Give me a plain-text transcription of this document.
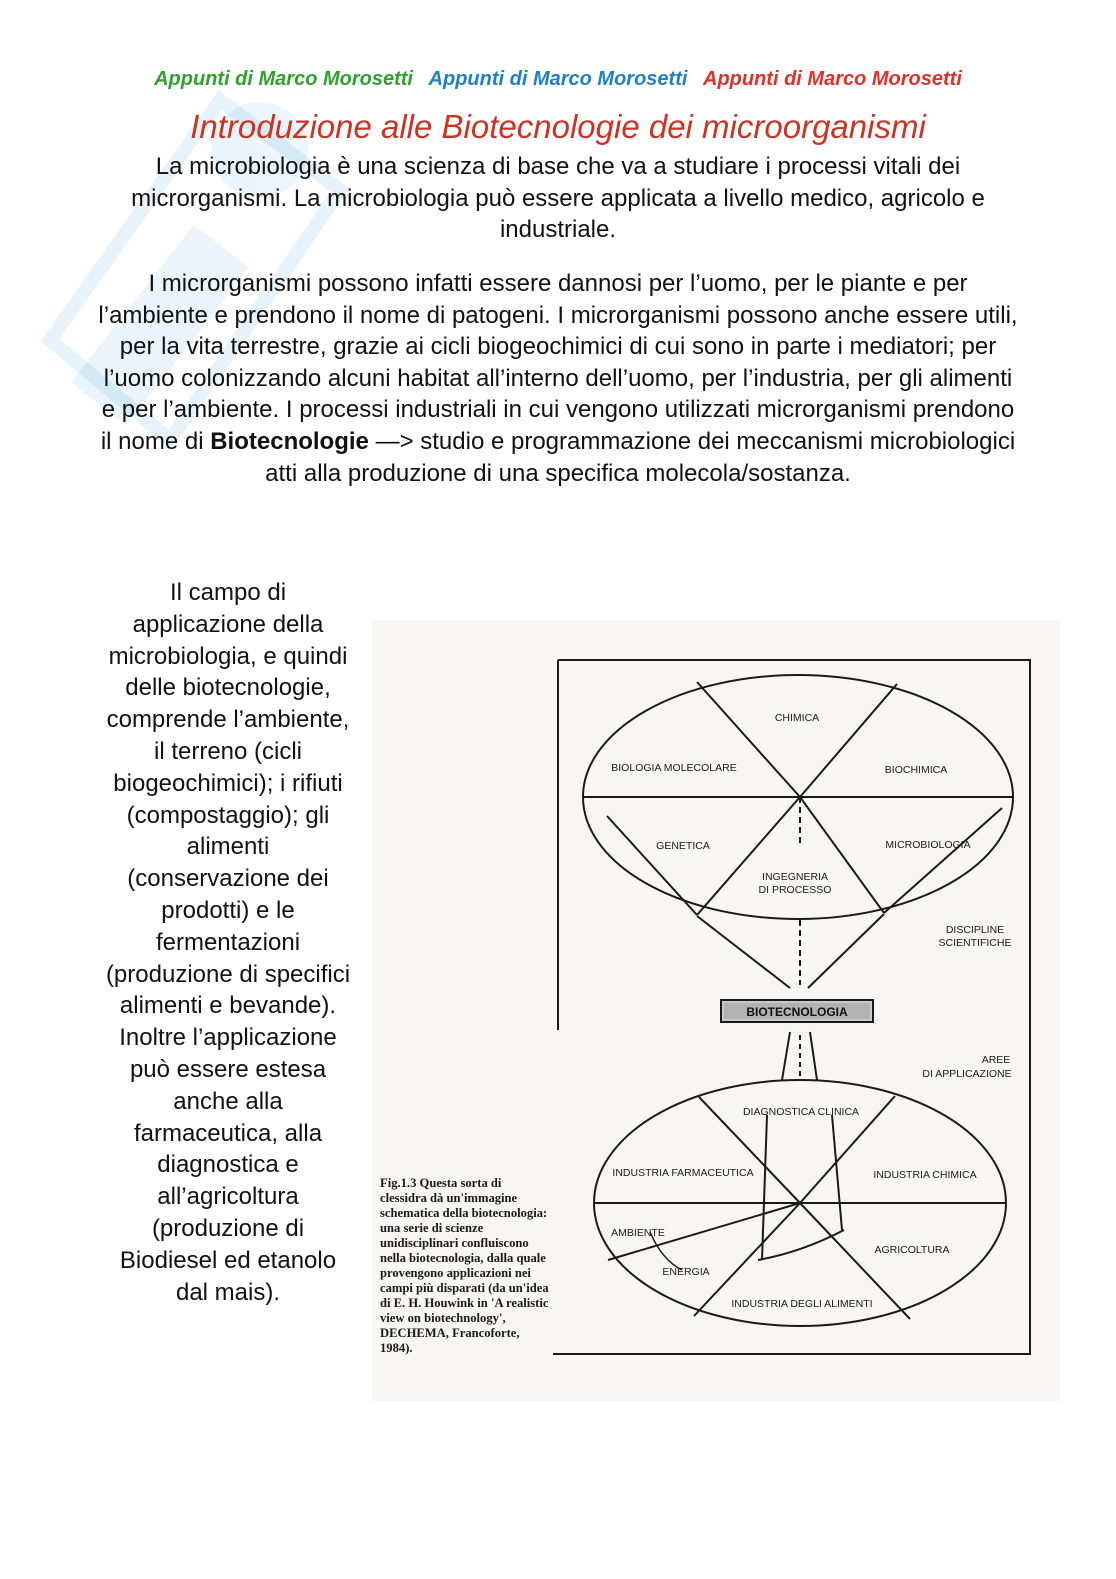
Appunti di Marco Morosetti Appunti di Marco Morosetti Appunti di Marco Morosetti
Introduzione alle Biotecnologie dei microorganismi
La microbiologia è una scienza di base che va a studiare i processi vitali dei microrganismi. La microbiologia può essere applicata a livello medico, agricolo e industriale.
I microrganismi possono infatti essere dannosi per l’uomo, per le piante e per l’ambiente e prendono il nome di patogeni. I microrganismi possono anche essere utili, per la vita terrestre, grazie ai cicli biogeochimici di cui sono in parte i mediatori; per l’uomo colonizzando alcuni habitat all’interno dell’uomo, per l’industria, per gli alimenti e per l’ambiente. I processi industriali in cui vengono utilizzati microrganismi prendono il nome di Biotecnologie —> studio e programmazione dei meccanismi microbiologici atti alla produzione di una specifica molecola/sostanza.
Il campo di applicazione della microbiologia, e quindi delle biotecnologie, comprende l’ambiente, il terreno (cicli biogeochimici); i rifiuti (compostaggio); gli alimenti (conservazione dei prodotti) e le fermentazioni (produzione di specifici alimenti e bevande). Inoltre l’applicazione può essere estesa anche alla farmaceutica, alla diagnostica e all’agricoltura (produzione di Biodiesel ed etanolo dal mais).
BIOTECNOLOGIA
CHIMICA
BIOLOGIA MOLECOLARE	BIOCHIMICA
GENETICA	MICROBIOLOGIA
INGEGNERIA
DI PROCESSO
DISCIPLINE
SCIENTIFICHE
AREE
DI APPLICAZIONE
DIAGNOSTICA CLINICA
INDUSTRIA FARMACEUTICA	INDUSTRIA CHIMICA
AMBIENTE
AGRICOLTURA
ENERGIA
INDUSTRIA DEGLI ALIMENTI
Fig.1.3 Questa sorta di clessidra dà un'immagine schematica della biotecnologia: una serie di scienze unidisciplinari confluiscono nella biotecnologia, dalla quale provengono applicazioni nei campi più disparati (da un'idea di E. H. Houwink in 'A realistic view on biotechnology', DECHEMA, Francoforte, 1984).
